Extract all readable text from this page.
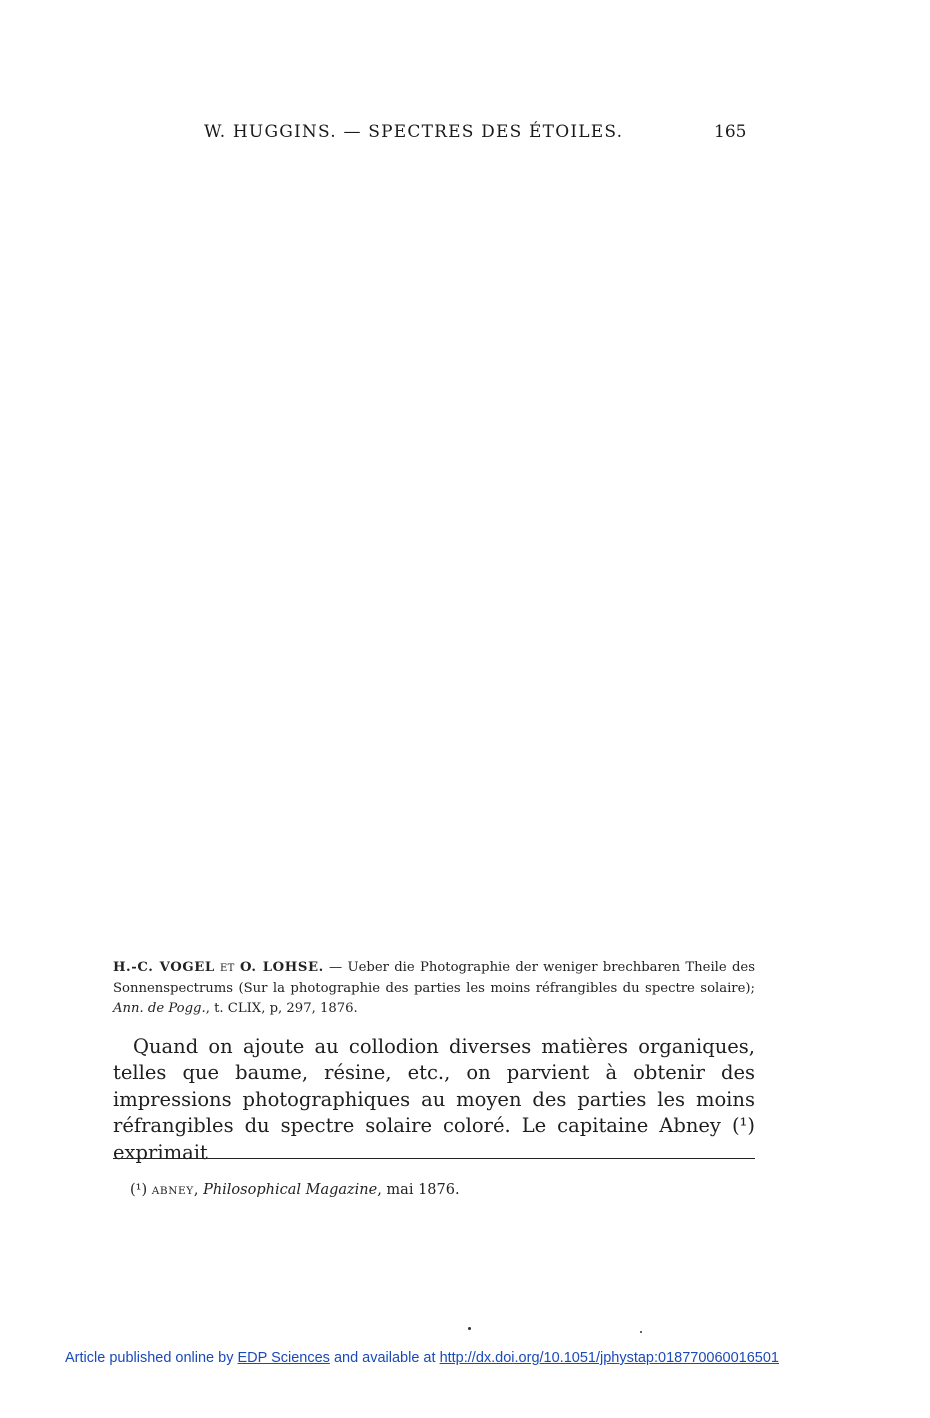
W. HUGGINS. — SPECTRES DES ÉTOILES.	165
H.-C. VOGEL ET O. LOHSE. — Ueber die Photographie der weniger brechbaren Theile des Sonnenspectrums (Sur la photographie des parties les moins réfrangibles du spectre solaire); Ann. de Pogg., t. CLIX, p, 297, 1876.

Quand on ajoute au collodion diverses matières organiques, telles que baume, résine, etc., on parvient à obtenir des impressions photographiques au moyen des parties les moins réfrangibles du spectre solaire coloré. Le capitaine Abney (¹) exprimait

(¹) ABNEY, Philosophical Magazine, mai 1876.
Article published online by EDP Sciences and available at http://dx.doi.org/10.1051/jphystap:018770060016501
